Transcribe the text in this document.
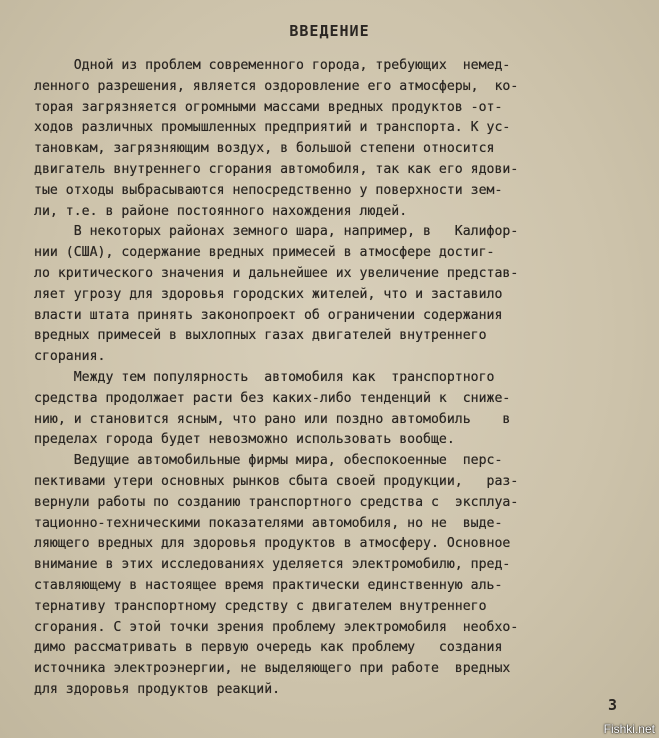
ВВЕДЕНИЕ
Одной из проблем современного города, требующих  немед-
ленного разрешения, является оздоровление его атмосферы,  ко-
торая загрязняется огромными массами вредных продуктов -от-
ходов различных промышленных предприятий и транспорта. К ус-
тановкам, загрязняющим воздух, в большой степени относится
двигатель внутреннего сгорания автомобиля, так как его ядови-
тые отходы выбрасываются непосредственно у поверхности зем-
ли, т.е. в районе постоянного нахождения людей.
В некоторых районах земного шара, например, в   Калифор-
нии (США), содержание вредных примесей в атмосфере достиг-
ло критического значения и дальнейшее их увеличение предстaв-
ляет угрозу для здоровья городских жителей, что и заставило
власти штата принять законопроект об ограничении содержания
вредных примесей в выхлопных газах двигателей внутреннего
сгорания.
Между тем популярность  автомобиля как  транспортного
средства продолжает расти без каких-либо тенденций к  сниже-
нию, и становится ясным, что рано или поздно автомобиль    в
пределах города будет невозможно использовать вообще.
Ведущие автомобильные фирмы мира, обеспокоенные  перс-
пективами утери основных рынков сбыта своей продукции,   раз-
вернули работы по созданию транспортного средства с  эксплуа-
тационно-техническими показателями автомобиля, но не  выде-
ляющего вредных для здоровья продуктов в атмосферу. Основное
внимание в этих исследованиях уделяется электромобилю, пред-
ставляющему в настоящее время практически единственную аль-
тернативу транспортному средству с двигателем внутреннего
сгорания. С этой точки зрения проблему электромобиля  необхо-
димо рассматривать в первую очередь как проблему   создания
источника электроэнергии, не выделяющего при работе  вредных
для здоровья продуктов реакций.
3
Fishki.net
